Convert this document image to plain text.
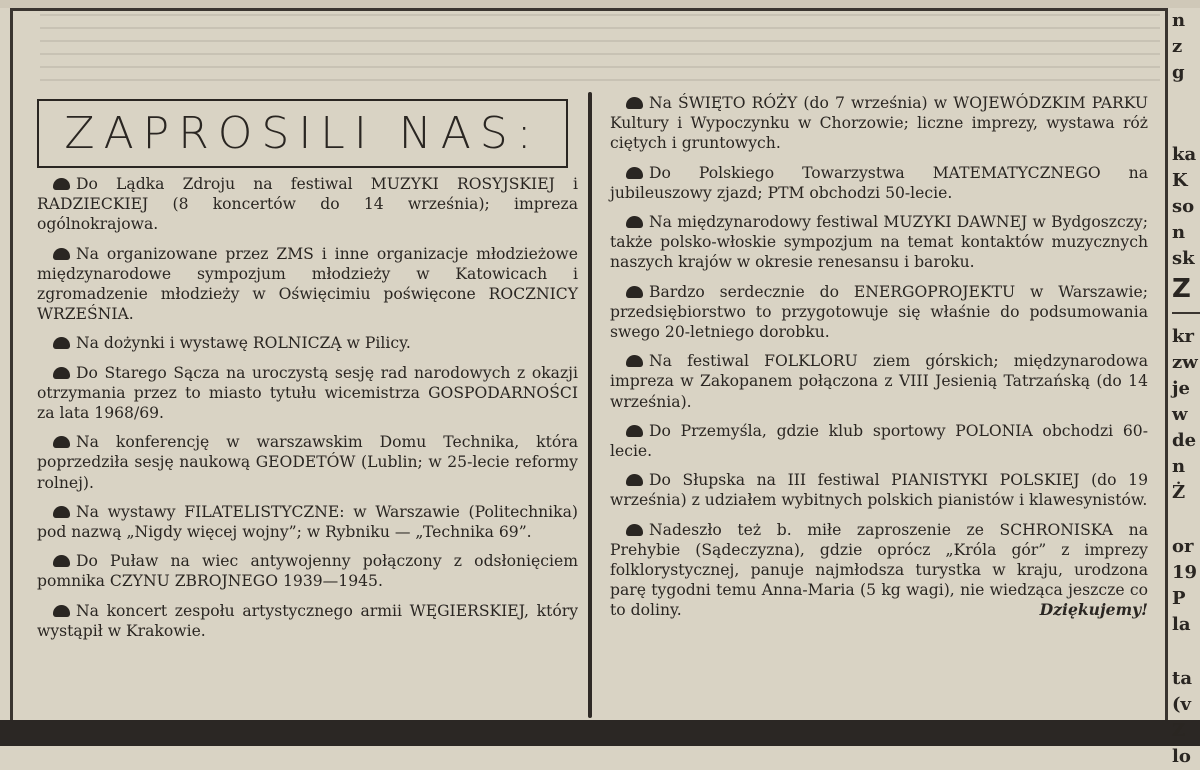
ZAPROSILI NAS:

Do Lądka Zdroju na festiwal MUZYKI ROSYJSKIEJ i RADZIECKIEJ (8 koncertów do 14 września); impreza ogólnokrajowa.

Na organizowane przez ZMS i inne organizacje młodzieżowe międzynarodowe sympozjum młodzieży w Katowicach i zgromadzenie młodzieży w Oświęcimiu poświęcone ROCZNICY WRZEŚNIA.

Na dożynki i wystawę ROLNICZĄ w Pilicy.

Do Starego Sącza na uroczystą sesję rad narodowych z okazji otrzymania przez to miasto tytułu wicemistrza GOSPODARNOŚCI za lata 1968/69.

Na konferencję w warszawskim Domu Technika, która poprzedziła sesję naukową GEODETÓW (Lublin; w 25-lecie reformy rolnej).

Na wystawy FILATELISTYCZNE: w Warszawie (Politechnika) pod nazwą „Nigdy więcej wojny”; w Rybniku — „Technika 69”.

Do Puław na wiec antywojenny połączony z odsłonięciem pomnika CZYNU ZBROJNEGO 1939—1945.

Na koncert zespołu artystycznego armii WĘGIERSKIEJ, który wystąpił w Krakowie.

Na ŚWIĘTO RÓŻY (do 7 września) w WOJEWÓDZKIM PARKU Kultury i Wypoczynku w Chorzowie; liczne imprezy, wystawa róż ciętych i gruntowych.

Do Polskiego Towarzystwa MATEMATYCZNEGO na jubileuszowy zjazd; PTM obchodzi 50-lecie.

Na międzynarodowy festiwal MUZYKI DAWNEJ w Bydgoszczy; także polsko-włoskie sympozjum na temat kontaktów muzycznych naszych krajów w okresie renesansu i baroku.

Bardzo serdecznie do ENERGOPROJEKTU w Warszawie; przedsiębiorstwo to przygotowuje się właśnie do podsumowania swego 20-letniego dorobku.

Na festiwal FOLKLORU ziem górskich; międzynarodowa impreza w Zakopanem połączona z VIII Jesienią Tatrzańską (do 14 września).

Do Przemyśla, gdzie klub sportowy POLONIA obchodzi 60-lecie.

Do Słupska na III festiwal PIANISTYKI POLSKIEJ (do 19 września) z udziałem wybitnych polskich pianistów i klawesynistów.

Nadeszło też b. miłe zaproszenie ze SCHRONISKA na Prehybie (Sądeczyzna), gdzie oprócz „Króla gór” z imprezy folklorystycznej, panuje najmłodsza turystka w kraju, urodzona parę tygodni temu Anna-Maria (5 kg wagi), nie wiedząca jeszcze co to doliny.	Dziękujemy!

n
z
g
ka
K
so
n
sk
Z
kr
zw
je
w
de
n
Ż
or
19
P
la
ta
(v
Z
lo
